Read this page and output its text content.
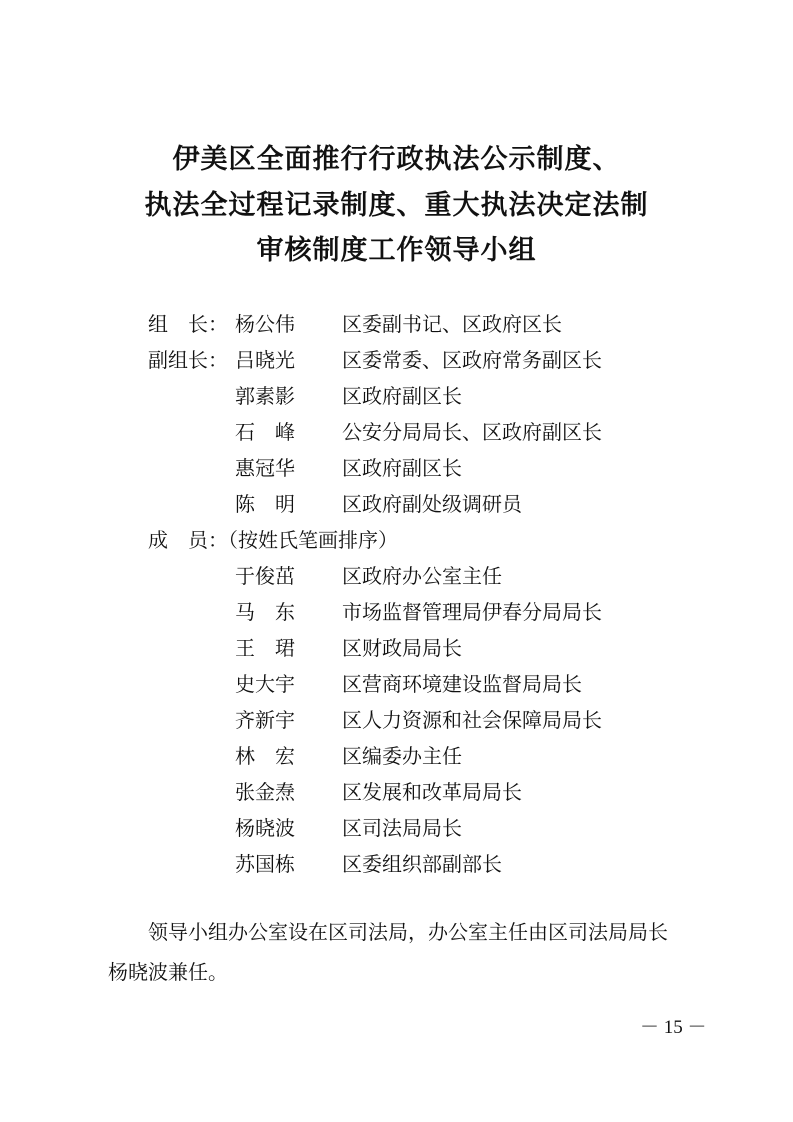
伊美区全面推行行政执法公示制度、
执法全过程记录制度、重大执法决定法制
审核制度工作领导小组
组　长： 杨公伟 区委副书记、区政府区长
副组长： 吕晓光 区委常委、区政府常务副区长
郭素影 区政府副区长
石　峰 公安分局局长、区政府副区长
惠冠华 区政府副区长
陈　明 区政府副处级调研员
成　员：（按姓氏笔画排序）
于俊茁 区政府办公室主任
马　东 市场监督管理局伊春分局局长
王　珺 区财政局局长
史大宇 区营商环境建设监督局局长
齐新宇 区人力资源和社会保障局局长
林　宏 区编委办主任
张金焘 区发展和改革局局长
杨晓波 区司法局局长
苏国栋 区委组织部副部长
领导小组办公室设在区司法局，办公室主任由区司法局局长
杨晓波兼任。
－ 15 －
